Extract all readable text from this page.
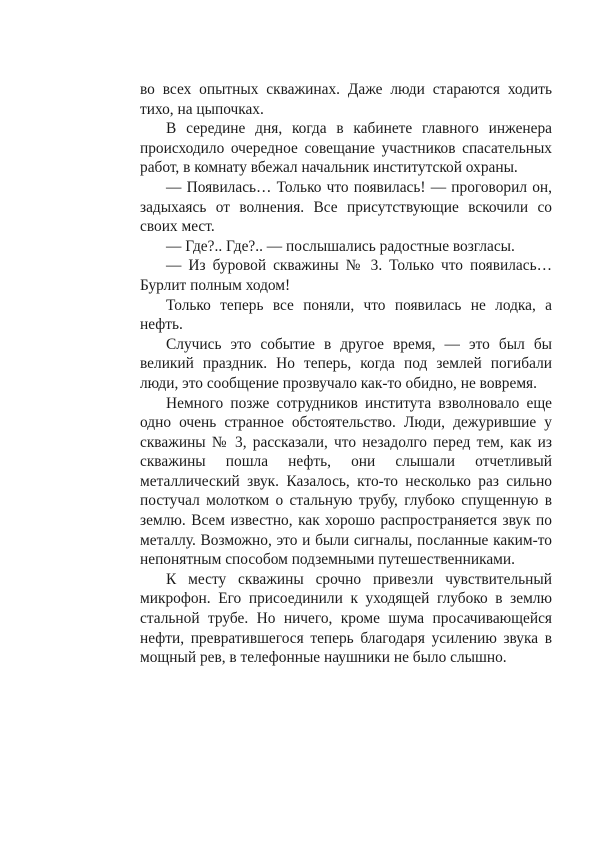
во всех опытных скважинах. Даже люди стараются ходить тихо, на цыпочках.

В середине дня, когда в кабинете главного инженера происходило очередное совещание участников спасательных работ, в комнату вбежал начальник институтской охраны.

— Появилась… Только что появилась! — проговорил он, задыхаясь от волнения. Все присутствующие вскочили со своих мест.

— Где?.. Где?.. — послышались радостные возгласы.

— Из буровой скважины № 3. Только что появилась… Бурлит полным ходом!

Только теперь все поняли, что появилась не лодка, а нефть.

Случись это событие в другое время, — это был бы великий праздник. Но теперь, когда под землей погибали люди, это сообщение прозвучало как-то обидно, не вовремя.

Немного позже сотрудников института взволновало еще одно очень странное обстоятельство. Люди, дежурившие у скважины № 3, рассказали, что незадолго перед тем, как из скважины пошла нефть, они слышали отчетливый металлический звук. Казалось, кто-то несколько раз сильно постучал молотком о стальную трубу, глубоко спущенную в землю. Всем известно, как хорошо распространяется звук по металлу. Возможно, это и были сигналы, посланные каким-то непонятным способом подземными путешественниками.

К месту скважины срочно привезли чувствительный микрофон. Его присоединили к уходящей глубоко в землю стальной трубе. Но ничего, кроме шума просачивающейся нефти, превратившегося теперь благодаря усилению звука в мощный рев, в телефонные наушники не было слышно.
